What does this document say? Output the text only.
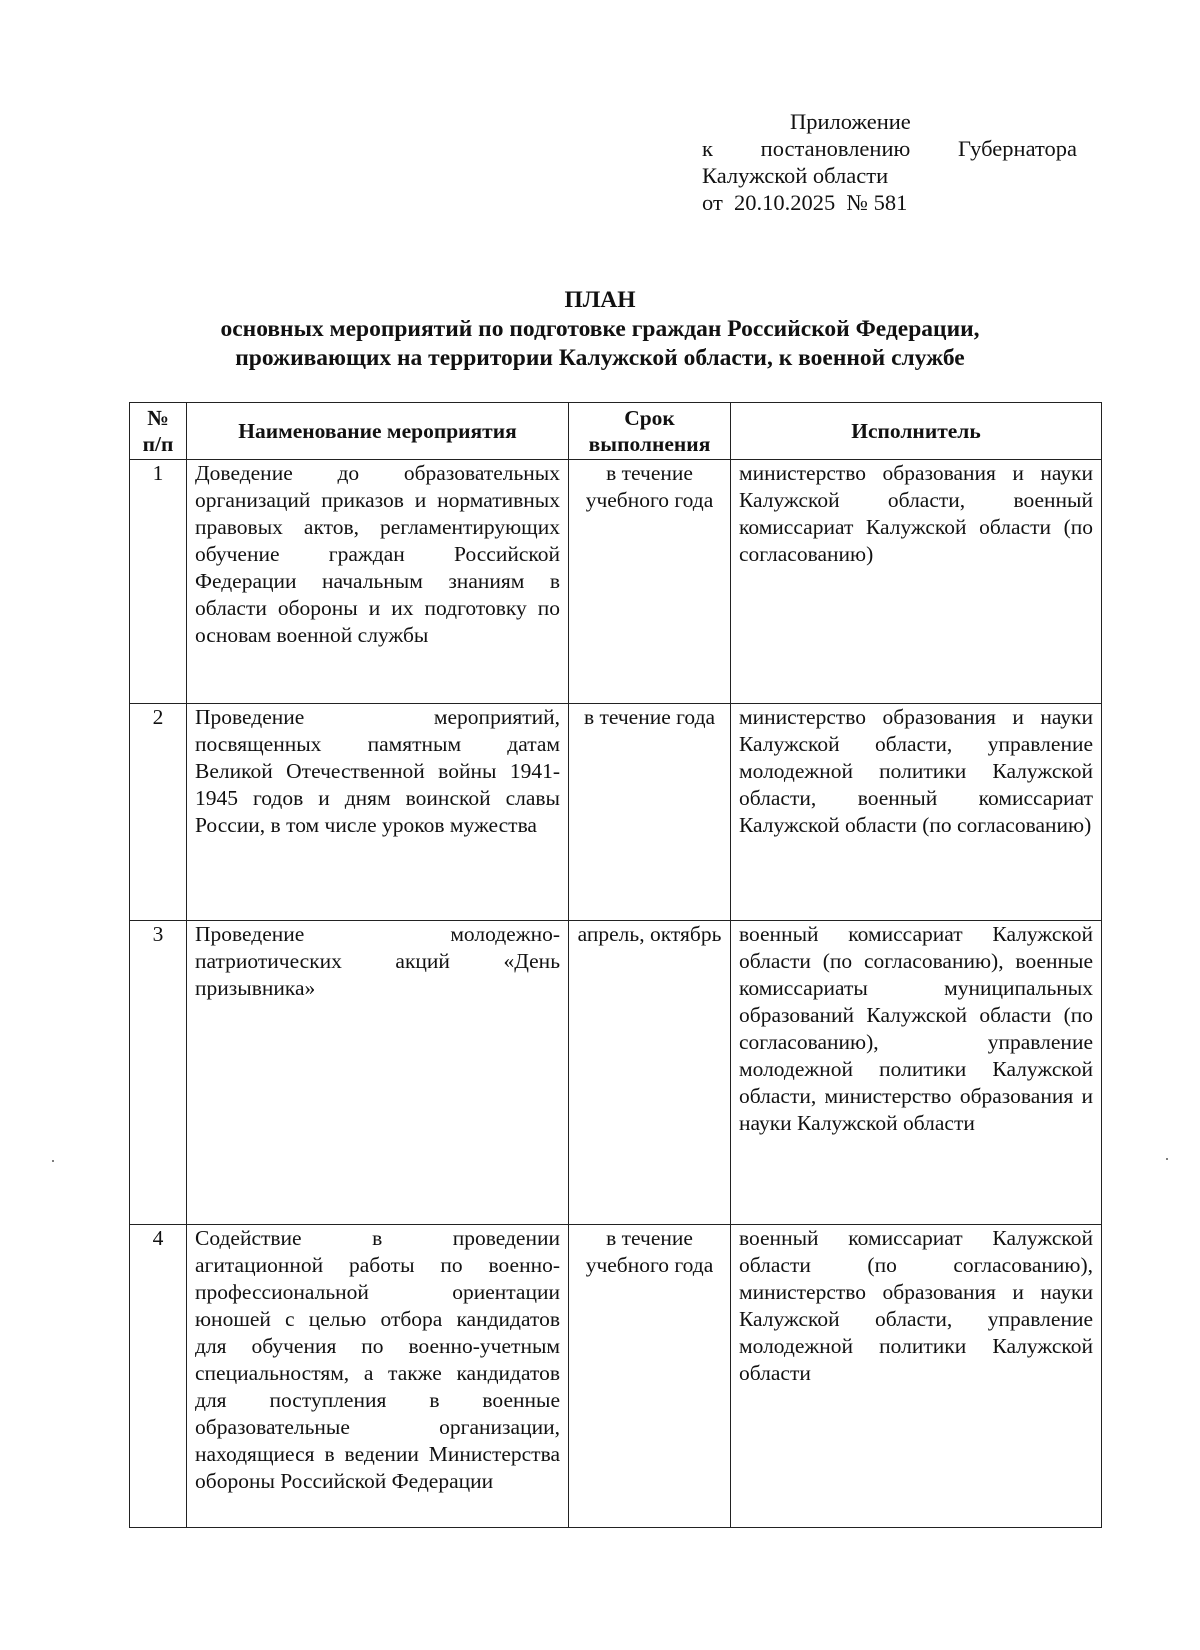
Приложение
к постановлению Губернатора
Калужской области
от  20.10.2025  № 581
ПЛАН
основных мероприятий по подготовке граждан Российской Федерации,
проживающих на территории Калужской области, к военной службе
№ п/п	Наименование мероприятия	Срок выполнения	Исполнитель
1	Доведение до образовательных организаций приказов и нормативных правовых актов, регламентирующих обучение граждан Российской Федерации начальным знаниям в области обороны и их подготовку по основам военной службы	в течение учебного года	министерство образования и науки Калужской области, военный комиссариат Калужской области (по согласованию)
2	Проведение мероприятий, посвященных памятным датам Великой Отечественной войны 1941-1945 годов и дням воинской славы России, в том числе уроков мужества	в течение года	министерство образования и науки Калужской области, управление молодежной политики Калужской области, военный комиссариат Калужской области (по согласованию)
3	Проведение молодежно-патриотических акций «День призывника»	апрель, октябрь	военный комиссариат Калужской области (по согласованию), военные комиссариаты муниципальных образований Калужской области (по согласованию), управление молодежной политики Калужской области, министерство образования и науки Калужской области
4	Содействие в проведении агитационной работы по военно-профессиональной ориентации юношей с целью отбора кандидатов для обучения по военно-учетным специальностям, а также кандидатов для поступления в военные образовательные организации, находящиеся в ведении Министерства обороны Российской Федерации	в течение учебного года	военный комиссариат Калужской области (по согласованию), министерство образования и науки Калужской области, управление молодежной политики Калужской области
